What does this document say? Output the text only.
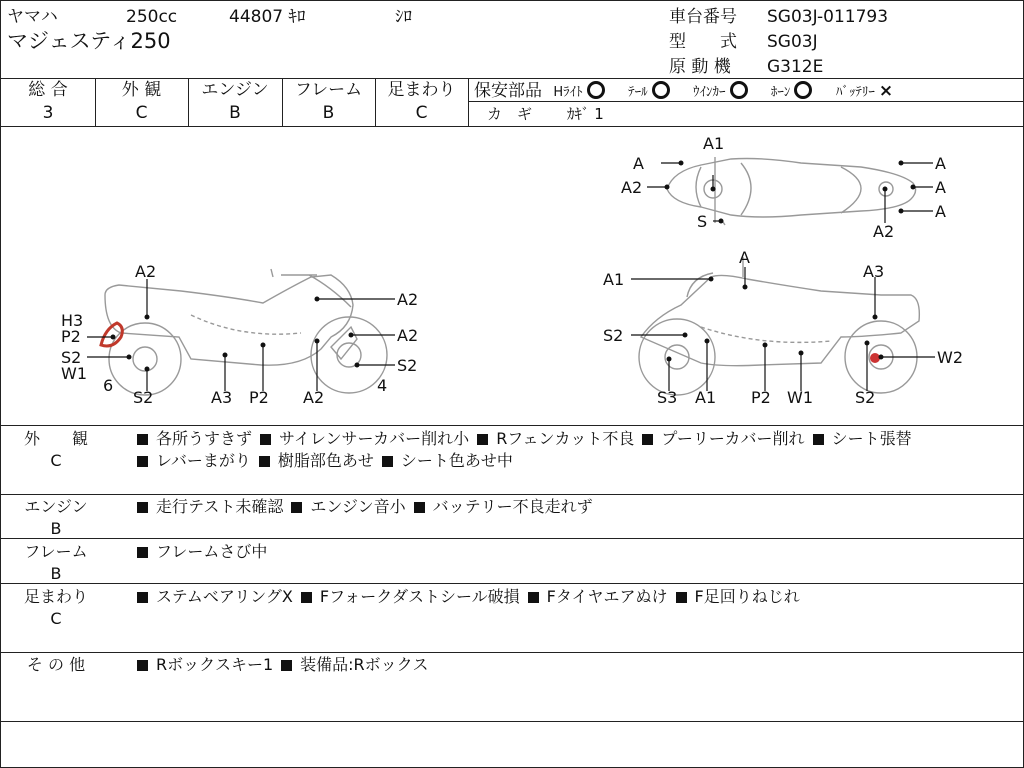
ヤマハ	250cc	44807 ｷﾛ	ｼﾛ
マジェスティ250
車台番号 SG03J-011793
型　　式 SG03J
原 動 機 G312E
総 合
3
外 観
C
エンジン
B
フレーム
B
足まわり
C
保安部品 Hﾗｲﾄ	ﾃｰﾙ	ｳｲﾝｶｰ	ﾎｰﾝ	ﾊﾞｯﾃﾘｰ ×
カ　ギ ｶｷﾞ 1
A
A1
A2
S
A
A
A
A2
A2
A2
H3
P2	A2
S2
W1
6
S2	A3 P2 A2
4
S2
A
A1	A3
S2
W2
S3 A1 P2 W1	S2
外　　観
C
各所うすきず サイレンサーカバー削れ小 Rフェンカット不良 プーリーカバー削れ シート張替
レバーまがり 樹脂部色あせ シート色あせ中
エンジン
B
走行テスト未確認 エンジン音小 バッテリー不良走れず
フレーム
B
フレームさび中
足まわり
C
ステムベアリングX Fフォークダストシール破損 Fタイヤエアぬけ F足回りねじれ
そ の 他	Rボックスキー1 装備品:Rボックス
